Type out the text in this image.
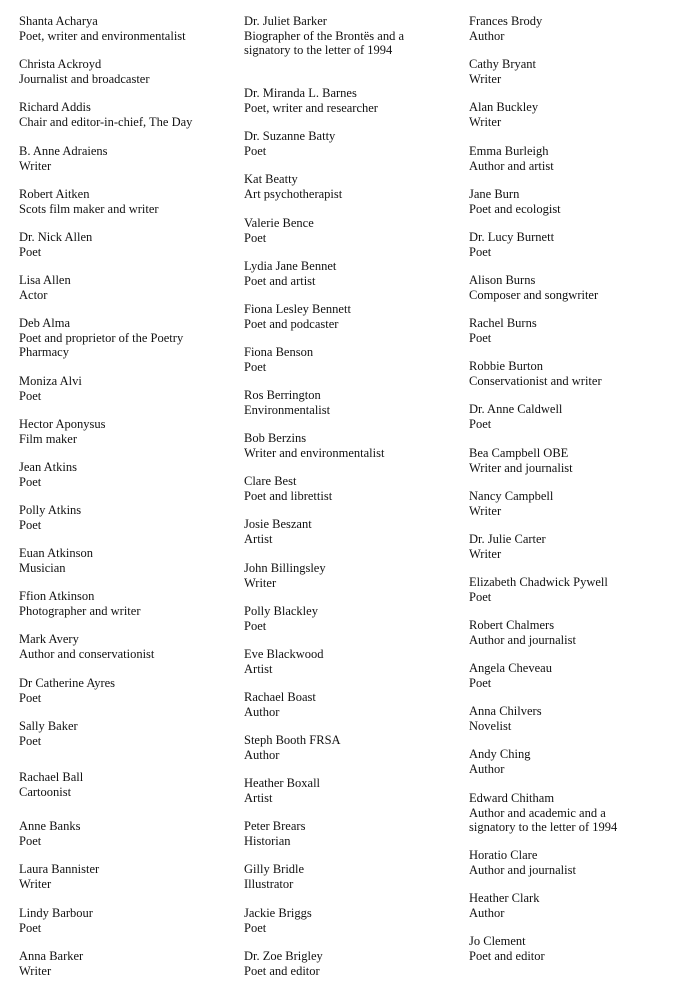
Shanta Acharya
Poet, writer and environmentalist
Christa Ackroyd
Journalist and broadcaster
Richard Addis
Chair and editor-in-chief, The Day
B. Anne Adraiens
Writer
Robert Aitken
Scots film maker and writer
Dr. Nick Allen
Poet
Lisa Allen
Actor
Deb Alma
Poet and proprietor of the Poetry
Pharmacy
Moniza Alvi
Poet
Hector Aponysus
Film maker
Jean Atkins
Poet
Polly Atkins
Poet
Euan Atkinson
Musician
Ffion Atkinson
Photographer and writer
Mark Avery
Author and conservationist
Dr Catherine Ayres
Poet
Sally Baker
Poet
Rachael Ball
Cartoonist
Anne Banks
Poet
Laura Bannister
Writer
Lindy Barbour
Poet
Anna Barker
Writer
Dr. Juliet Barker
Biographer of the Brontës and a
signatory to the letter of 1994
Dr. Miranda L. Barnes
Poet, writer and researcher
Dr. Suzanne Batty
Poet
Kat Beatty
Art psychotherapist
Valerie Bence
Poet
Lydia Jane Bennet
Poet and artist
Fiona Lesley Bennett
Poet and podcaster
Fiona Benson
Poet
Ros Berrington
Environmentalist
Bob Berzins
Writer and environmentalist
Clare Best
Poet and librettist
Josie Beszant
Artist
John Billingsley
Writer
Polly Blackley
Poet
Eve Blackwood
Artist
Rachael Boast
Author
Steph Booth FRSA
Author
Heather Boxall
Artist
Peter Brears
Historian
Gilly Bridle
Illustrator
Jackie Briggs
Poet
Dr. Zoe Brigley
Poet and editor
Frances Brody
Author
Cathy Bryant
Writer
Alan Buckley
Writer
Emma Burleigh
Author and artist
Jane Burn
Poet and ecologist
Dr. Lucy Burnett
Poet
Alison Burns
Composer and songwriter
Rachel Burns
Poet
Robbie Burton
Conservationist and writer
Dr. Anne Caldwell
Poet
Bea Campbell OBE
Writer and journalist
Nancy Campbell
Writer
Dr. Julie Carter
Writer
Elizabeth Chadwick Pywell
Poet
Robert Chalmers
Author and journalist
Angela Cheveau
Poet
Anna Chilvers
Novelist
Andy Ching
Author
Edward Chitham
Author and academic and a
signatory to the letter of 1994
Horatio Clare
Author and journalist
Heather Clark
Author
Jo Clement
Poet and editor
